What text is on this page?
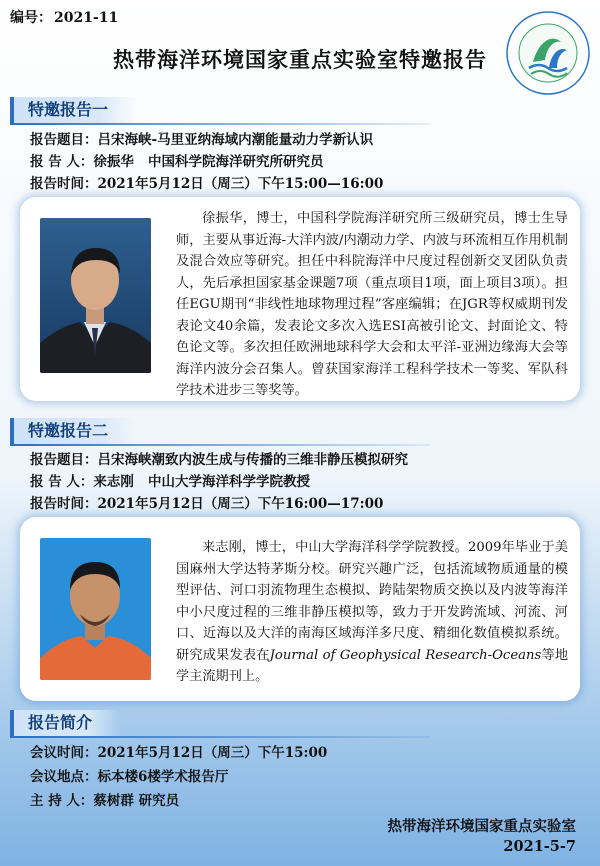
编号： 2021-11
热带海洋环境国家重点实验室特邀报告
特邀报告一
报告题目：吕宋海峡-马里亚纳海域内潮能量动力学新认识
报 告 人：徐振华   中国科学院海洋研究所研究员
报告时间：2021年5月12日（周三）下午15:00—16:00
徐振华，博士，中国科学院海洋研究所三级研究员，博士生导师，主要从事近海-大洋内波/内潮动力学、内波与环流相互作用机制及混合效应等研究。担任中科院海洋中尺度过程创新交叉团队负责人，先后承担国家基金课题7项（重点项目1项，面上项目3项）。担任EGU期刊“非线性地球物理过程”客座编辑；在JGR等权威期刊发表论文40余篇，发表论文多次入选ESI高被引论文、封面论文、特色论文等。多次担任欧洲地球科学大会和太平洋-亚洲边缘海大会等海洋内波分会召集人。曾获国家海洋工程科学技术一等奖、军队科学技术进步三等奖等。
特邀报告二
报告题目：吕宋海峡潮致内波生成与传播的三维非静压模拟研究
报 告 人：来志刚   中山大学海洋科学学院教授
报告时间：2021年5月12日（周三）下午16:00—17:00
来志刚，博士，中山大学海洋科学学院教授。2009年毕业于美国麻州大学达特茅斯分校。研究兴趣广泛，包括流域物质通量的模型评估、河口羽流物理生态模拟、跨陆架物质交换以及内波等海洋中小尺度过程的三维非静压模拟等，致力于开发跨流域、河流、河口、近海以及大洋的南海区域海洋多尺度、精细化数值模拟系统。研究成果发表在Journal of Geophysical Research-Oceans等地学主流期刊上。
报告简介
会议时间：2021年5月12日（周三）下午15:00
会议地点：标本楼6楼学术报告厅
主 持 人：蔡树群 研究员
热带海洋环境国家重点实验室
2021-5-7
